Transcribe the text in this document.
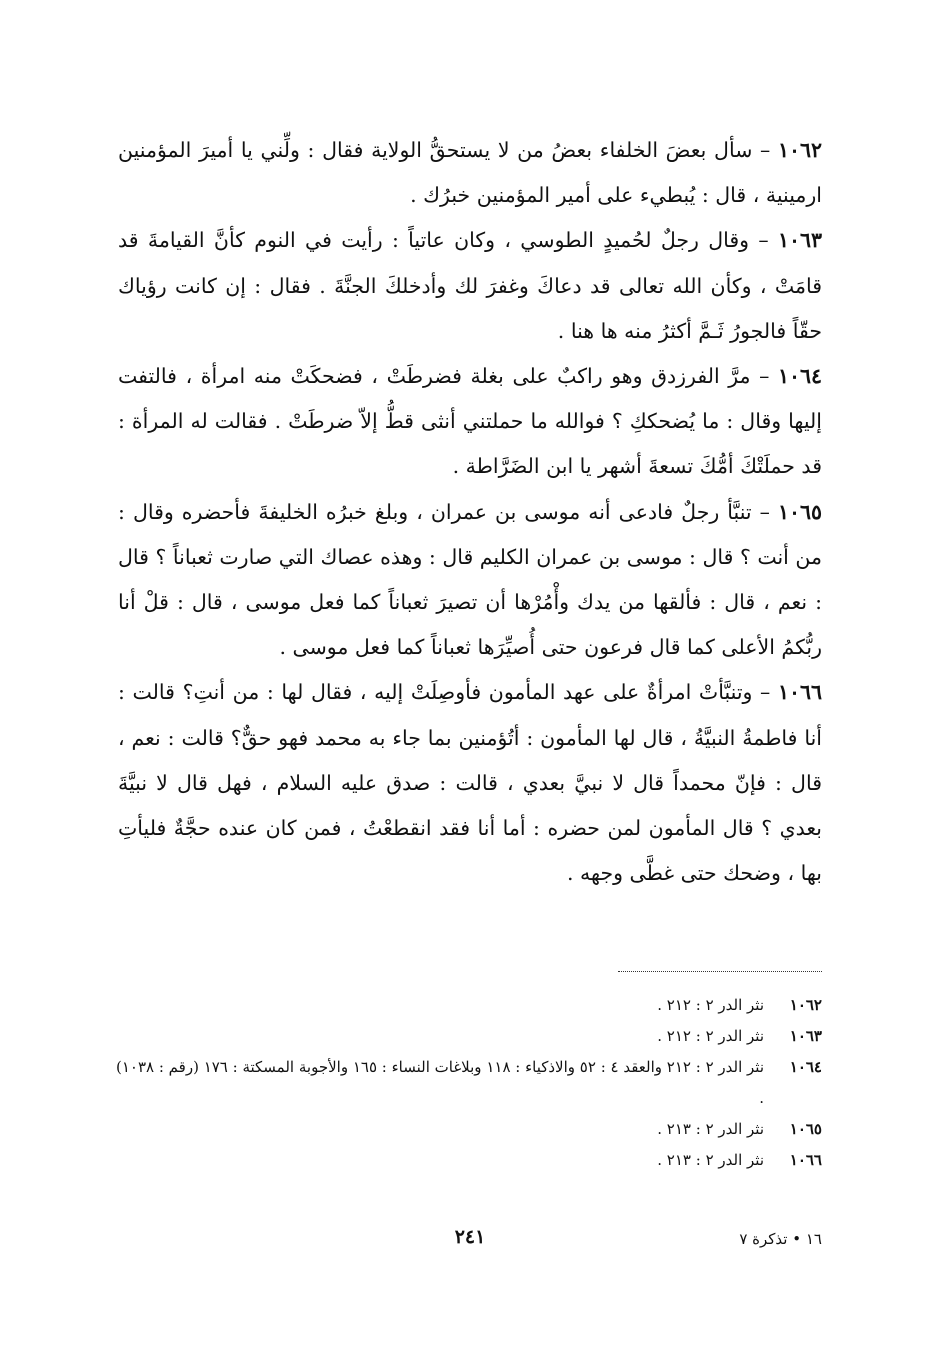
١٠٦٢ – سأل بعضَ الخلفاء بعضُ من لا يستحقُّ الولاية فقال : ولِّني يا أميرَ المؤمنين ارمينية ، قال : يُبطيء على أمير المؤمنين خبرُك .

١٠٦٣ – وقال رجلٌ لحُميدٍ الطوسي ، وكان عاتياً : رأيت في النوم كأنَّ القيامةَ قد قامَتْ ، وكأن الله تعالى قد دعاكَ وغفرَ لك وأدخلكَ الجنَّةَ . فقال : إن كانت رؤياك حقّاً فالجورُ ثَـمَّ أكثرُ منه ها هنا .

١٠٦٤ – مرَّ الفرزدق وهو راكبٌ على بغلة فضرطَتْ ، فضحكَتْ منه امرأة ، فالتفت إليها وقال : ما يُضحككِ ؟ فوالله ما حملتني أنثى قطُّ إلاّ ضرطَتْ . فقالت له المرأة : قد حملَتْكَ أمُّكَ تسعةَ أشهر يا ابن الضَرَّاطة .

١٠٦٥ – تنبَّأ رجلٌ فادعى أنه موسى بن عمران ، وبلغ خبرُه الخليفةَ فأحضره وقال : من أنت ؟ قال : موسى بن عمران الكليم قال : وهذه عصاك التي صارت ثعباناً ؟ قال : نعم ، قال : فألقها من يدك وأْمُرْها أن تصيرَ ثعباناً كما فعل موسى ، قال : قلْ أنا ربُّكمُ الأعلى كما قال فرعون حتى أُصيِّرَها ثعباناً كما فعل موسى .

١٠٦٦ – وتنبَّأتْ امرأةٌ على عهد المأمون فأوصِلَتْ إليه ، فقال لها : من أنتِ؟ قالت : أنا فاطمةُ النبيَّةُ ، قال لها المأمون : أتُؤمنين بما جاء به محمد فهو حقٌّ؟ قالت : نعم ، قال : فإنّ محمداً قال لا نبيَّ بعدي ، قالت : صدق عليه السلام ، فهل قال لا نبيَّةَ بعدي ؟ قال المأمون لمن حضره : أما أنا فقد انقطعْتُ ، فمن كان عنده حجَّةٌ فليأتِ بها ، وضحك حتى غطَّى وجهه .

١٠٦٢
نثر الدر ٢ : ٢١٢ .
١٠٦٣
نثر الدر ٢ : ٢١٢ .
١٠٦٤
نثر الدر ٢ : ٢١٢ والعقد ٤ : ٥٢ والاذكياء : ١١٨ وبلاغات النساء : ١٦٥ والأجوبة المسكتة : ١٧٦ (رقم : ١٠٣٨) .
١٠٦٥
نثر الدر ٢ : ٢١٣ .
١٠٦٦
نثر الدر ٢ : ٢١٣ .
١٦ • تذكرة ٧
٢٤١
